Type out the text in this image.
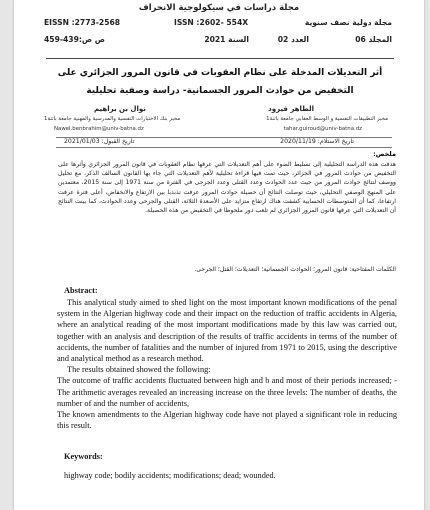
مجلة دراسات في سيكولوجية الانحراف
مجلة دولية نصف سنوية
ISSN :2602- 554X
EISSN :2773-2568
المجلد 06
العدد 02
السنة 2021
ص ص:439-459
أثر التعديلات المدخلة على نظام العقوبات في قانون المرور الجزائري على التخفيض من حوادث المرور الجسمانية- دراسة وصفية تحليلية
الطاهر قيرود
مخبر التطبيقات النفسية و الوسط العقابي جامعة باتنة1
tahar.guiroud@univ-batna.dz
نوال بن براهيم
مخبر بنك الاختبارات النفسية والمدرسية والمهنية جامعة باتنة1
Nawel.benbrahim@univ-batna.dz
تاريخ الاستلام: 2020/11/19
تاريخ القبول: 2021/01/03
ملخص:
هدفت هذه الدراسة التحليلية إلى تسليط الضوء على أهم التعديلات التي عرفها نظام العقوبات في قانون المرور الجزائري وأثرها على التخفيض من حوادث المرور في الجزائر، حيث تمت فيها قراءة تحليلية لأهم التعديلات التي جاء بها القانون السالف الذكر، مع تحليل ووصف لنتائج حوادث المرور من حيث عدد الحوادث وعدد القتلى وعدد الجرحى في الفترة من سنة 1971 إلى سنة 2015، معتمدين على المنهج الوصفي التحليلي، حيث توصلت النتائج أن حصيلة حوادث المرور عرفت تذبذبا بين الارتفاع والانخفاض، أعلى فترة عرفت ارتفاعا، كما أن المتوسطات الحسابية كشفت هناك ارتفاع متزايد على الأصعدة الثلاثة، القتلى والجرحى وعدد الحوادث، كما بينت النتائج أن التعديلات التي عرفها قانون المرور الجزائري لم تلعب دور ملحوظا في التخفيض من هذه الحصيلة.
الكلمات المفتاحية: قانون المرور؛ الحوادث الجسمانية؛ التعديلات؛ القتل؛ الجرحى.
Abstract:

This analytical study aimed to shed light on the most important known modifications of the penal system in the Algerian highway code and their impact on the reduction of traffic accidents in Algeria, where an analytical reading of the most important modifications made by this law was carried out, together with an analysis and description of the results of traffic accidents in terms of the number of accidents, the number of fatalities and the number of injured from 1971 to 2015, using the descriptive and analytical method as a research method.

The results obtained showed the following:

The outcome of traffic accidents fluctuated between high and b and most of their periods increased; - The arithmetic averages revealed an increasing increase on the three levels: The number of deaths, the number of and the number of accidents,

The known amendments to the Algerian highway code have not played a significant role in reducing this result.

Keywords:
highway code; bodily accidents; modifications; dead; wounded.
